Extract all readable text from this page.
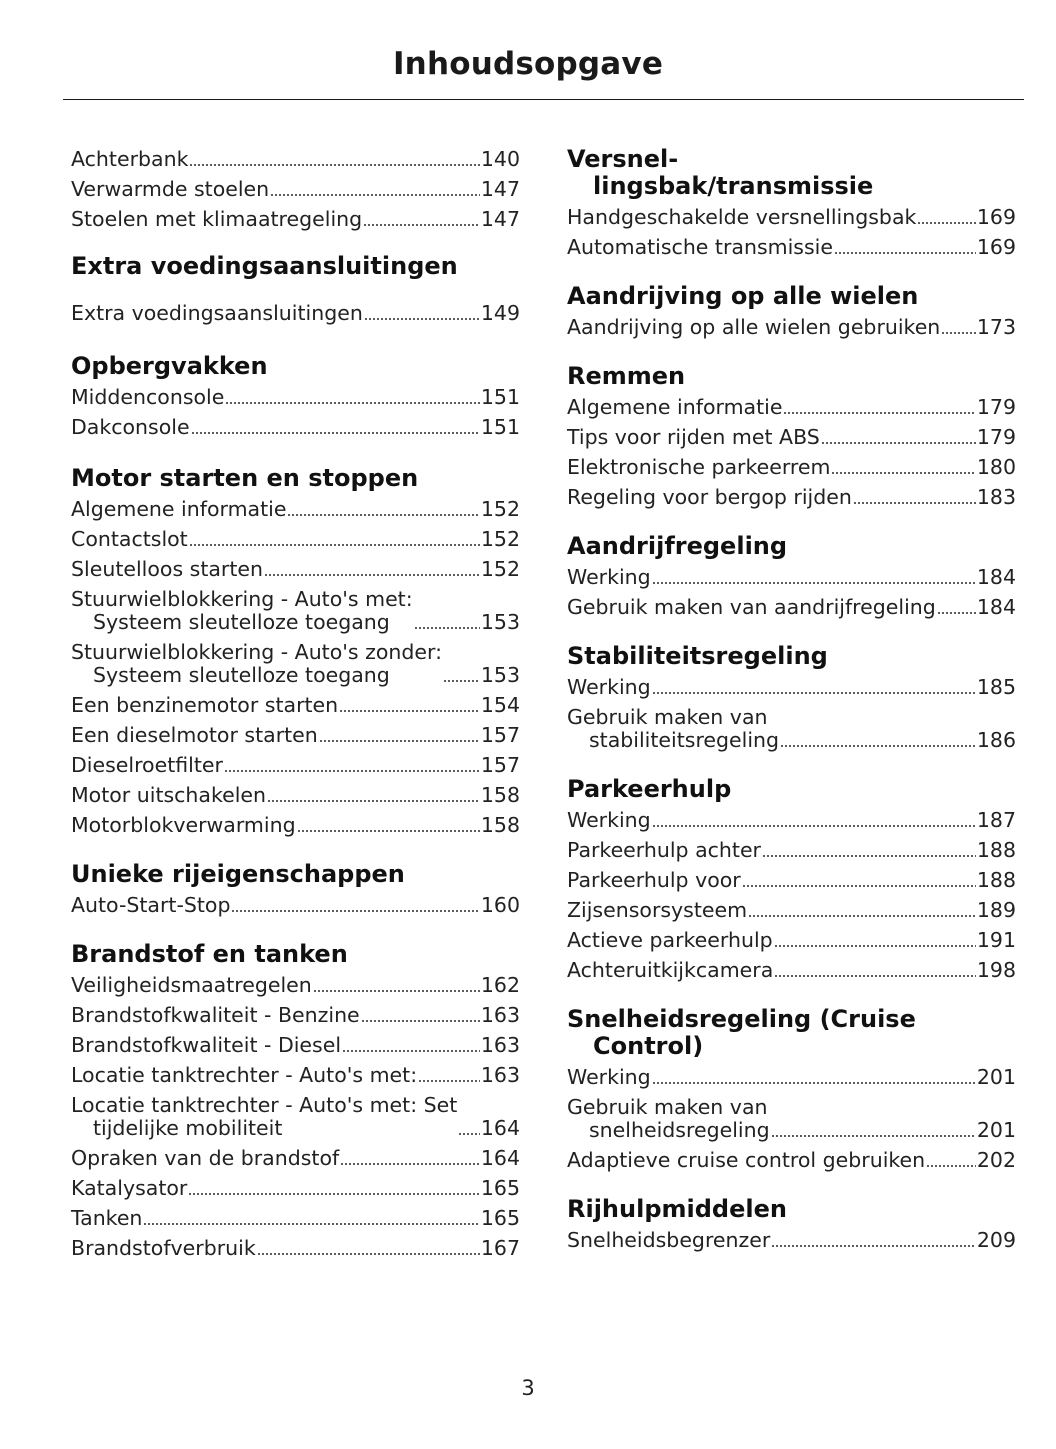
Inhoudsopgave
Achterbank	140
Verwarmde stoelen	147
Stoelen met klimaatregeling	147
Extra voedingsaansluitingen
Extra voedingsaansluitingen	149
Opbergvakken
Middenconsole	151
Dakconsole	151
Motor starten en stoppen
Algemene informatie	152
Contactslot	152
Sleutelloos starten	152
Stuurwielblokkering - Auto's met:
Systeem sleutelloze toegang	153
Stuurwielblokkering - Auto's zonder:
Systeem sleutelloze toegang	153
Een benzinemotor starten	154
Een dieselmotor starten	157
Dieselroetfilter	157
Motor uitschakelen	158
Motorblokverwarming	158
Unieke rijeigenschappen
Auto-Start-Stop	160
Brandstof en tanken
Veiligheidsmaatregelen	162
Brandstofkwaliteit - Benzine	163
Brandstofkwaliteit - Diesel	163
Locatie tanktrechter - Auto's met:	163
Locatie tanktrechter - Auto's met: Set
tijdelijke mobiliteit	164
Opraken van de brandstof	164
Katalysator	165
Tanken	165
Brandstofverbruik	167
Versnel-
lingsbak/transmissie
Handgeschakelde versnellingsbak	169
Automatische transmissie	169
Aandrijving op alle wielen
Aandrijving op alle wielen gebruiken 173
Remmen
Algemene informatie	179
Tips voor rijden met ABS	179
Elektronische parkeerrem	180
Regeling voor bergop rijden	183
Aandrijfregeling
Werking	184
Gebruik maken van aandrijfregeling 184
Stabiliteitsregeling
Werking	185
Gebruik maken van
stabiliteitsregeling	186
Parkeerhulp
Werking	187
Parkeerhulp achter	188
Parkeerhulp voor	188
Zijsensorsysteem	189
Actieve parkeerhulp	191
Achteruitkijkcamera	198
Snelheidsregeling (Cruise
Control)
Werking	201
Gebruik maken van
snelheidsregeling	201
Adaptieve cruise control gebruiken	202
Rijhulpmiddelen
Snelheidsbegrenzer	209
3
